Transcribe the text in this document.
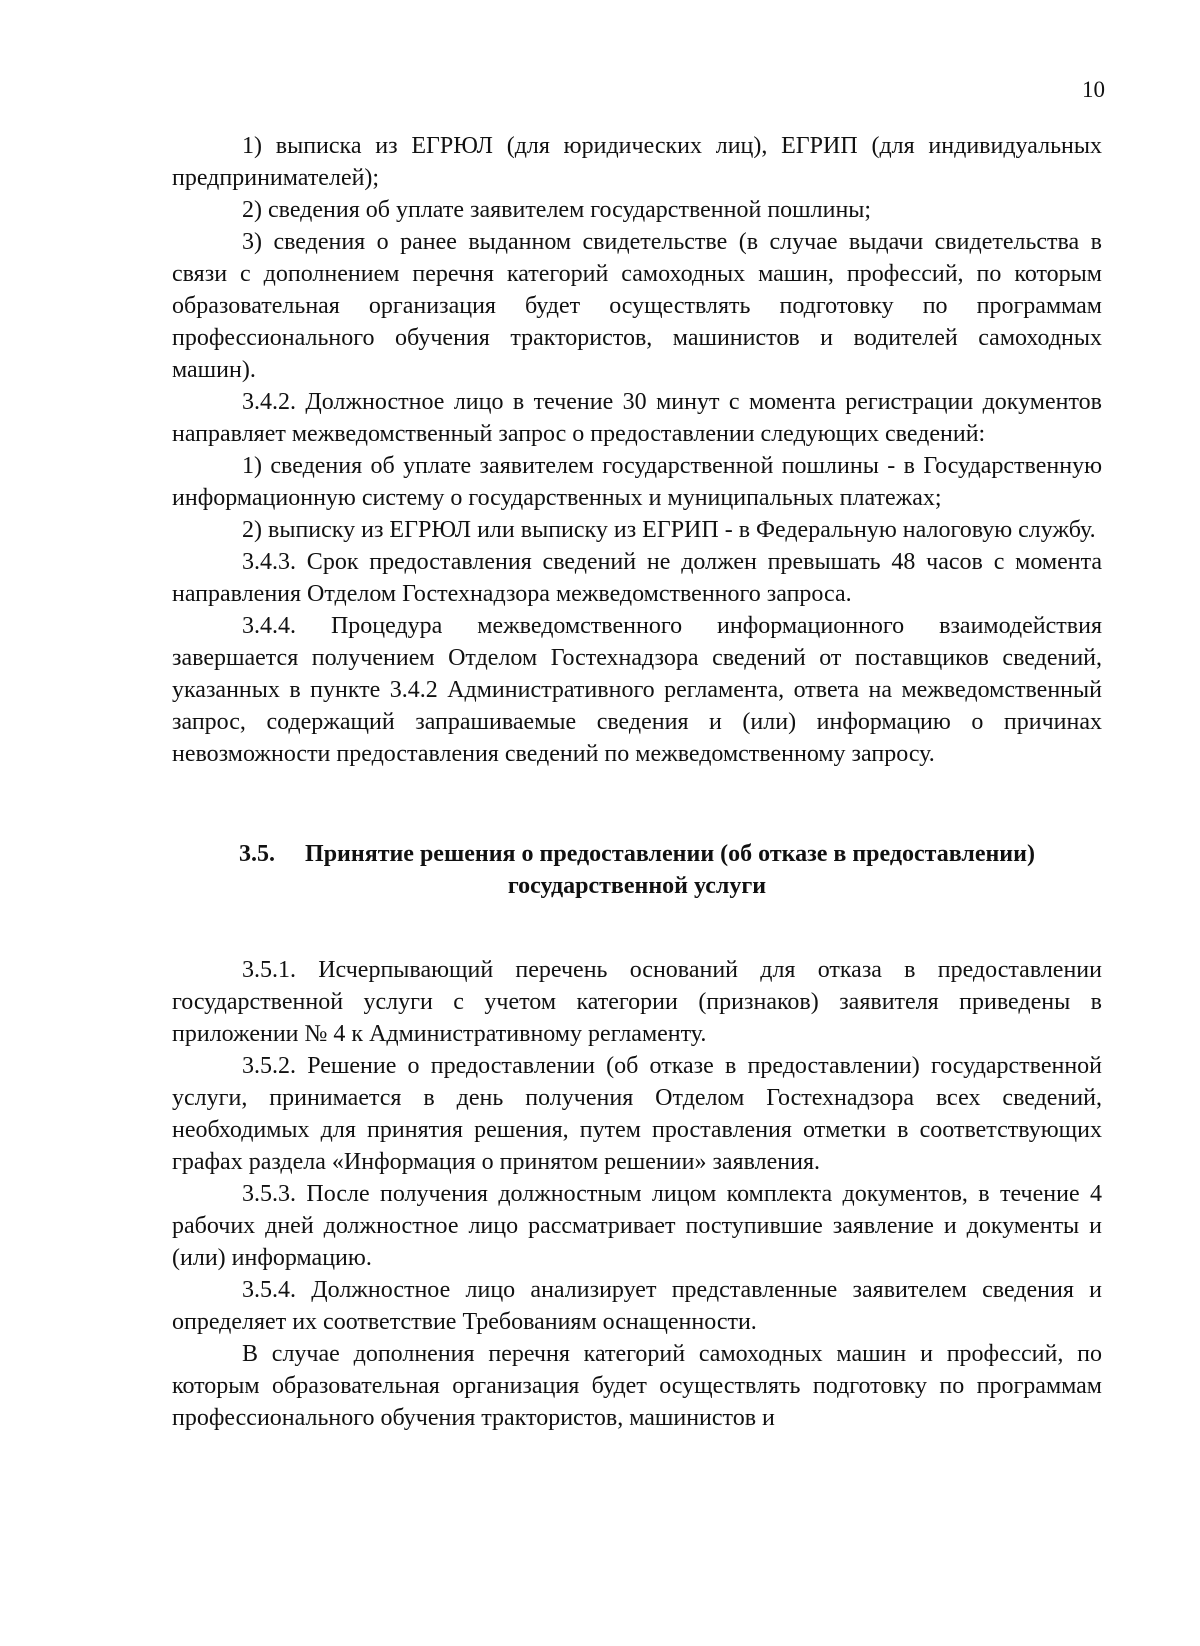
10

1) выписка из ЕГРЮЛ (для юридических лиц), ЕГРИП (для индивидуальных предпринимателей);

2) сведения об уплате заявителем государственной пошлины;

3) сведения о ранее выданном свидетельстве (в случае выдачи свидетельства в связи с дополнением перечня категорий самоходных машин, профессий, по которым образовательная организация будет осуществлять подготовку по программам профессионального обучения трактористов, машинистов и водителей самоходных машин).

3.4.2. Должностное лицо в течение 30 минут с момента регистрации документов направляет межведомственный запрос о предоставлении следующих сведений:

1) сведения об уплате заявителем государственной пошлины - в Государственную информационную систему о государственных и муниципальных платежах;

2) выписку из ЕГРЮЛ или выписку из ЕГРИП - в Федеральную налоговую службу.

3.4.3. Срок предоставления сведений не должен превышать 48 часов с момента направления Отделом Гостехнадзора межведомственного запроса.

3.4.4. Процедура межведомственного информационного взаимодействия завершается получением Отделом Гостехнадзора сведений от поставщиков сведений, указанных в пункте 3.4.2 Административного регламента, ответа на межведомственный запрос, содержащий запрашиваемые сведения и (или) информацию о причинах невозможности предоставления сведений по межведомственному запросу.

3.5. Принятие решения о предоставлении (об отказе в предоставлении)
государственной услуги

3.5.1. Исчерпывающий перечень оснований для отказа в предоставлении государственной услуги с учетом категории (признаков) заявителя приведены в приложении № 4 к Административному регламенту.

3.5.2. Решение о предоставлении (об отказе в предоставлении) государственной услуги, принимается в день получения Отделом Гостехнадзора всех сведений, необходимых для принятия решения, путем проставления отметки в соответствующих графах раздела «Информация о принятом решении» заявления.

3.5.3. После получения должностным лицом комплекта документов, в течение 4 рабочих дней должностное лицо рассматривает поступившие заявление и документы и (или) информацию.

3.5.4. Должностное лицо анализирует представленные заявителем сведения и определяет их соответствие Требованиям оснащенности.

В случае дополнения перечня категорий самоходных машин и профессий, по которым образовательная организация будет осуществлять подготовку по программам профессионального обучения трактористов, машинистов и
